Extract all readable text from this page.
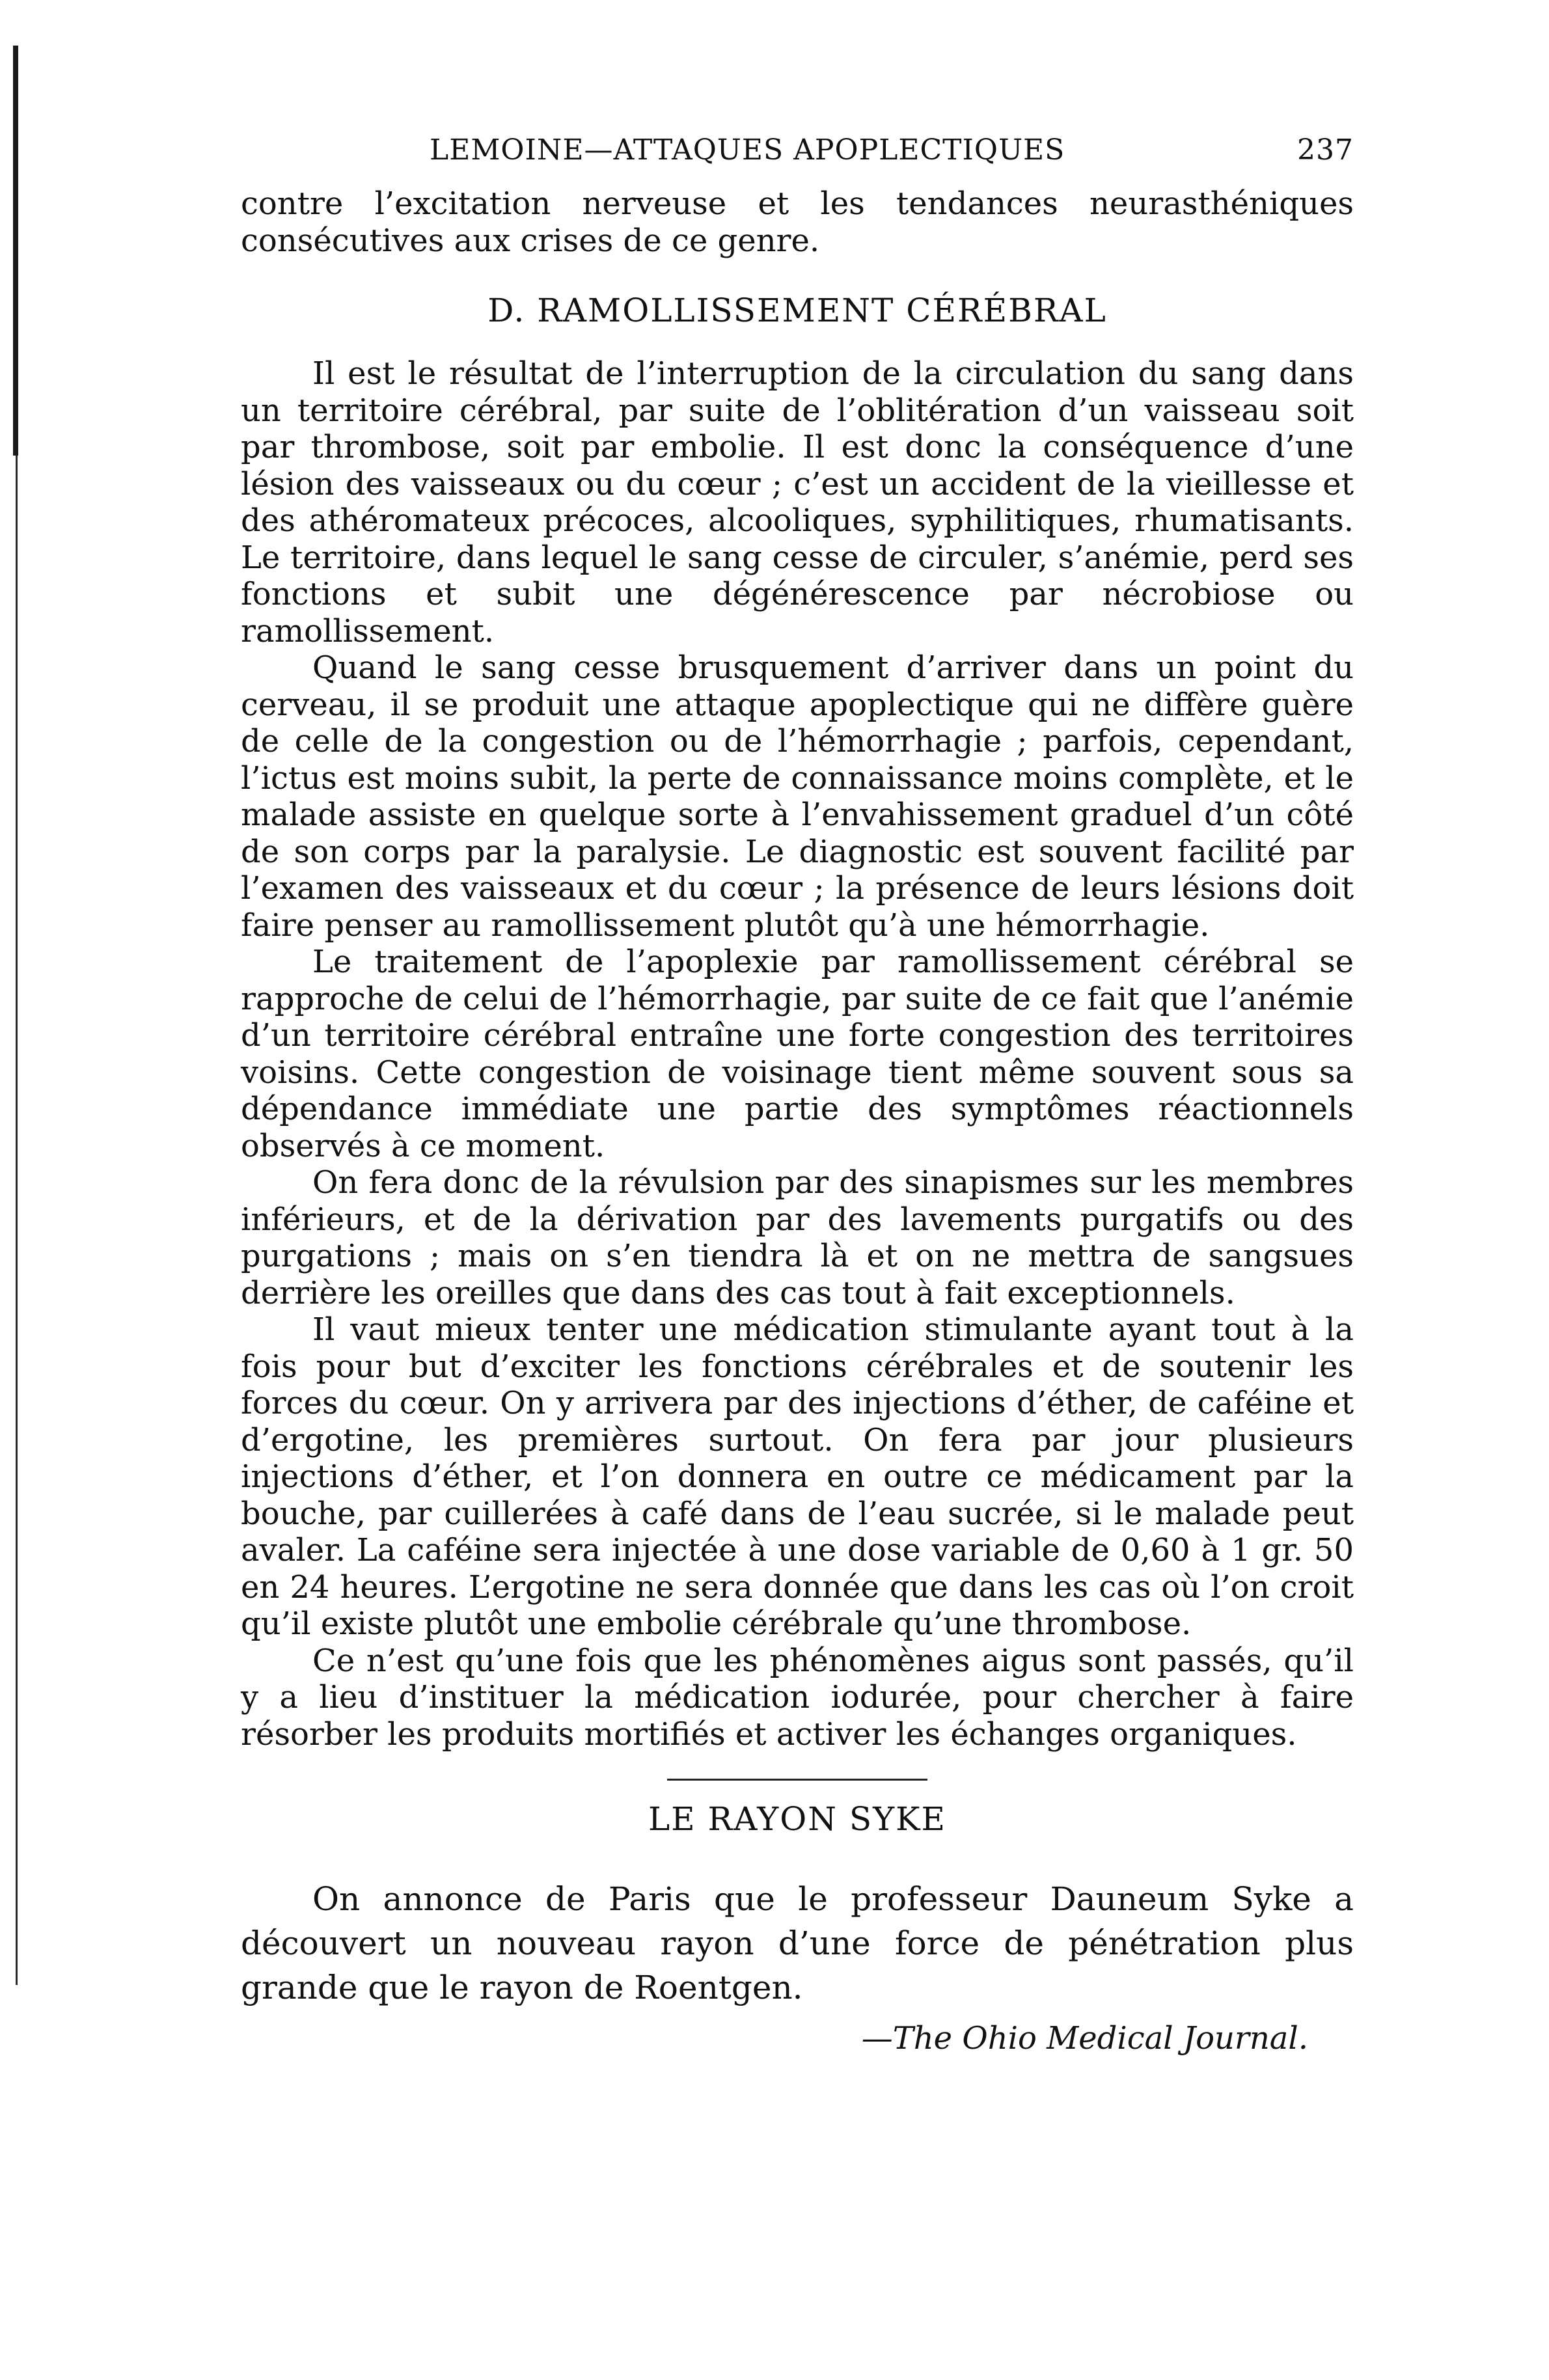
LEMOINE—ATTAQUES APOPLECTIQUES	237

contre l’excitation nerveuse et les tendances neurasthéniques consécutives aux crises de ce genre.

D. RAMOLLISSEMENT CÉRÉBRAL

Il est le résultat de l’interruption de la circulation du sang dans un territoire cérébral, par suite de l’oblitération d’un vaisseau soit par thrombose, soit par embolie. Il est donc la conséquence d’une lésion des vaisseaux ou du cœur ; c’est un accident de la vieillesse et des athéromateux précoces, alcooliques, syphilitiques, rhumatisants. Le territoire, dans lequel le sang cesse de circuler, s’anémie, perd ses fonctions et subit une dégénérescence par nécrobiose ou ramollissement.

Quand le sang cesse brusquement d’arriver dans un point du cerveau, il se produit une attaque apoplectique qui ne diffère guère de celle de la congestion ou de l’hémorrhagie ; parfois, cependant, l’ictus est moins subit, la perte de connaissance moins complète, et le malade assiste en quelque sorte à l’envahissement graduel d’un côté de son corps par la paralysie. Le diagnostic est souvent facilité par l’examen des vaisseaux et du cœur ; la présence de leurs lésions doit faire penser au ramollissement plutôt qu’à une hémorrhagie.

Le traitement de l’apoplexie par ramollissement cérébral se rapproche de celui de l’hémorrhagie, par suite de ce fait que l’anémie d’un territoire cérébral entraîne une forte congestion des territoires voisins. Cette congestion de voisinage tient même souvent sous sa dépendance immédiate une partie des symptômes réactionnels observés à ce moment.

On fera donc de la révulsion par des sinapismes sur les membres inférieurs, et de la dérivation par des lavements purgatifs ou des purgations ; mais on s’en tiendra là et on ne mettra de sangsues derrière les oreilles que dans des cas tout à fait exceptionnels.

Il vaut mieux tenter une médication stimulante ayant tout à la fois pour but d’exciter les fonctions cérébrales et de soutenir les forces du cœur. On y arrivera par des injections d’éther, de caféine et d’ergotine, les premières surtout. On fera par jour plusieurs injections d’éther, et l’on donnera en outre ce médicament par la bouche, par cuillerées à café dans de l’eau sucrée, si le malade peut avaler. La caféine sera injectée à une dose variable de 0,60 à 1 gr. 50 en 24 heures. L’ergotine ne sera donnée que dans les cas où l’on croit qu’il existe plutôt une embolie cérébrale qu’une thrombose.

Ce n’est qu’une fois que les phénomènes aigus sont passés, qu’il y a lieu d’instituer la médication iodurée, pour chercher à faire résorber les produits mortifiés et activer les échanges organiques.

LE RAYON SYKE

On annonce de Paris que le professeur Dauneum Syke a découvert un nouveau rayon d’une force de pénétration plus grande que le rayon de Roentgen.

—The Ohio Medical Journal.
